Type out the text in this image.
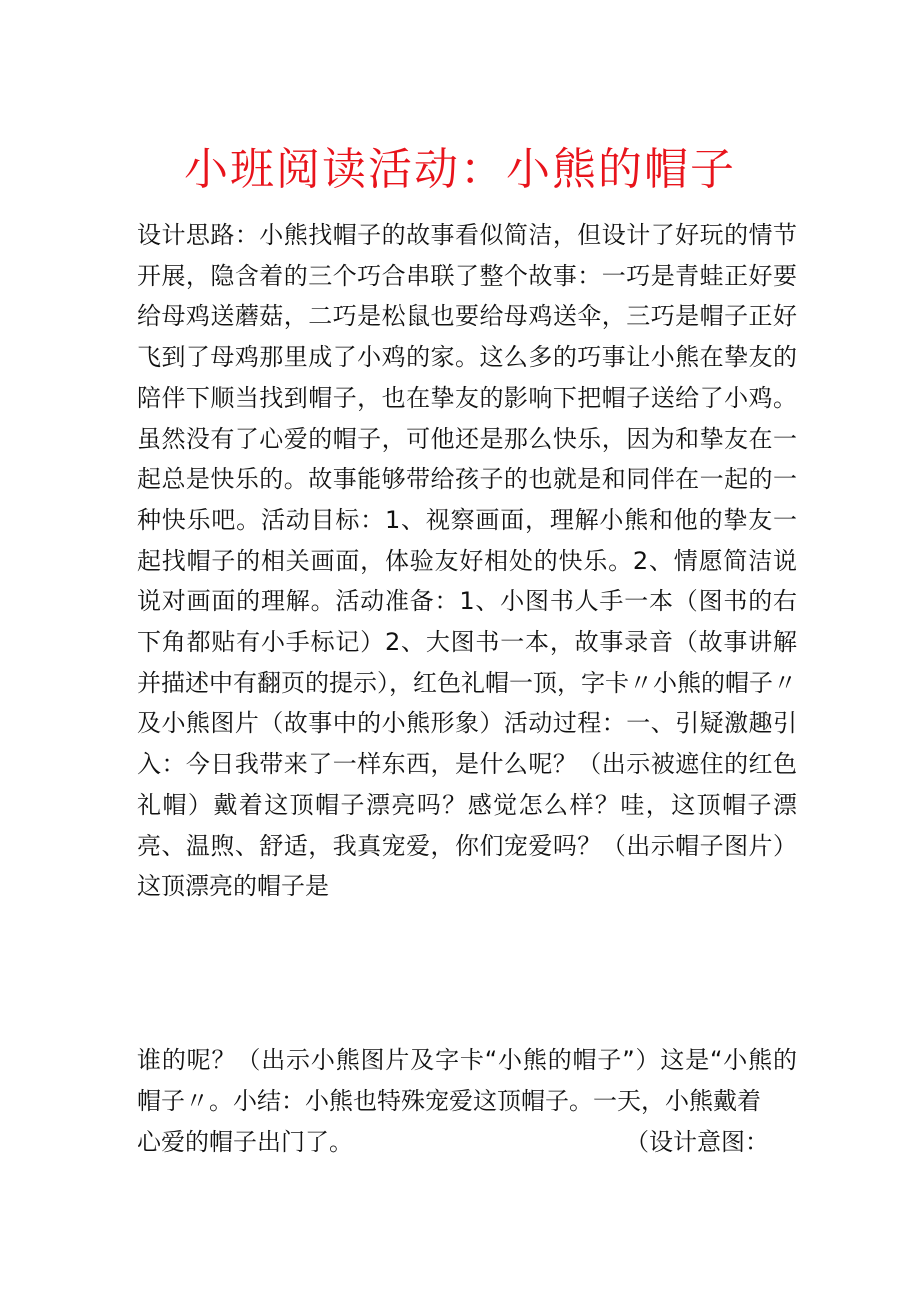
小班阅读活动：小熊的帽子

设计思路：小熊找帽子的故事看似简洁，但设计了好玩的情节开展，隐含着的三个巧合串联了整个故事：一巧是青蛙正好要给母鸡送蘑菇，二巧是松鼠也要给母鸡送伞，三巧是帽子正好飞到了母鸡那里成了小鸡的家。这么多的巧事让小熊在挚友的陪伴下顺当找到帽子，也在挚友的影响下把帽子送给了小鸡。虽然没有了心爱的帽子，可他还是那么快乐，因为和挚友在一起总是快乐的。故事能够带给孩子的也就是和同伴在一起的一种快乐吧。活动目标：1、视察画面，理解小熊和他的挚友一起找帽子的相关画面，体验友好相处的快乐。2、情愿简洁说说对画面的理解。活动准备：1、小图书人手一本（图书的右下角都贴有小手标记）2、大图书一本，故事录音（故事讲解并描述中有翻页的提示），红色礼帽一顶，字卡〃小熊的帽子〃及小熊图片（故事中的小熊形象）活动过程：一、引疑激趣引入：今日我带来了一样东西，是什么呢？（出示被遮住的红色礼帽）戴着这顶帽子漂亮吗？感觉怎么样？哇，这顶帽子漂亮、温煦、舒适，我真宠爱，你们宠爱吗？（出示帽子图片）这顶漂亮的帽子是

谁的呢？（出示小熊图片及字卡“小熊的帽子”）这是“小熊的帽子〃。小结：小熊也特殊宠爱这顶帽子。一天，小熊戴着

心爱的帽子出门了。	（设计意图：
